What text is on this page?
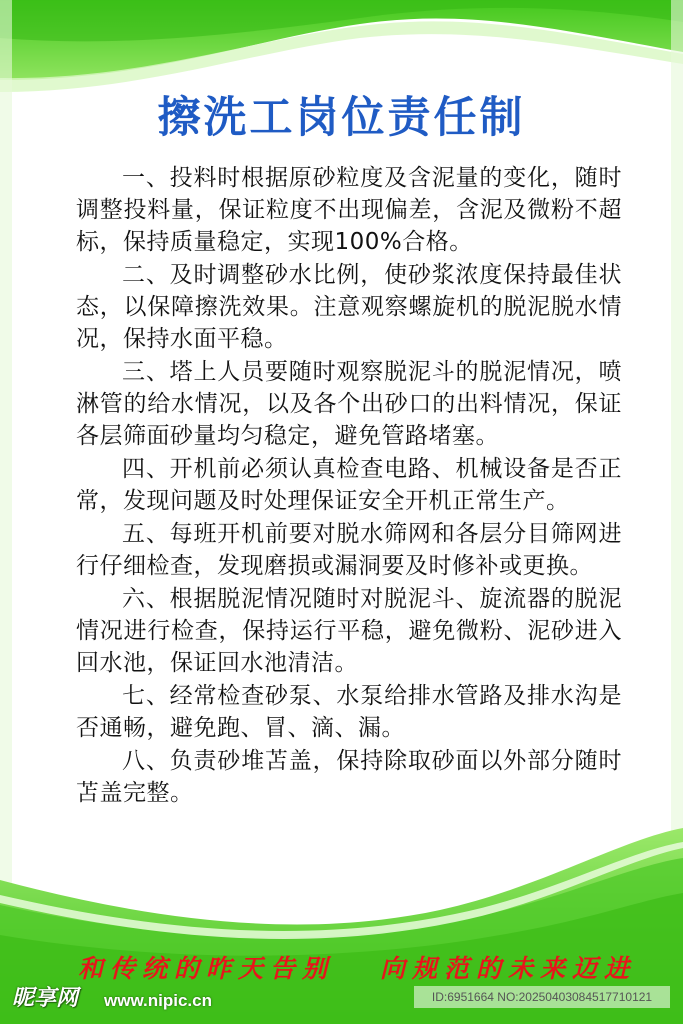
擦洗工岗位责任制

一、投料时根据原砂粒度及含泥量的变化，随时调整投料量，保证粒度不出现偏差，含泥及微粉不超标，保持质量稳定，实现100%合格。

二、及时调整砂水比例，使砂浆浓度保持最佳状态，以保障擦洗效果。注意观察螺旋机的脱泥脱水情况，保持水面平稳。

三、塔上人员要随时观察脱泥斗的脱泥情况，喷淋管的给水情况，以及各个出砂口的出料情况，保证各层筛面砂量均匀稳定，避免管路堵塞。

四、开机前必须认真检查电路、机械设备是否正常，发现问题及时处理保证安全开机正常生产。

五、每班开机前要对脱水筛网和各层分目筛网进行仔细检查，发现磨损或漏洞要及时修补或更换。

六、根据脱泥情况随时对脱泥斗、旋流器的脱泥情况进行检查，保持运行平稳，避免微粉、泥砂进入回水池，保证回水池清洁。

七、经常检查砂泵、水泵给排水管路及排水沟是否通畅，避免跑、冒、滴、漏。

八、负责砂堆苫盖，保持除取砂面以外部分随时苫盖完整。

和传统的昨天告别 向规范的未来迈进
昵享网 www.nipic.cn	ID:6951664 NO:20250403084517710121
